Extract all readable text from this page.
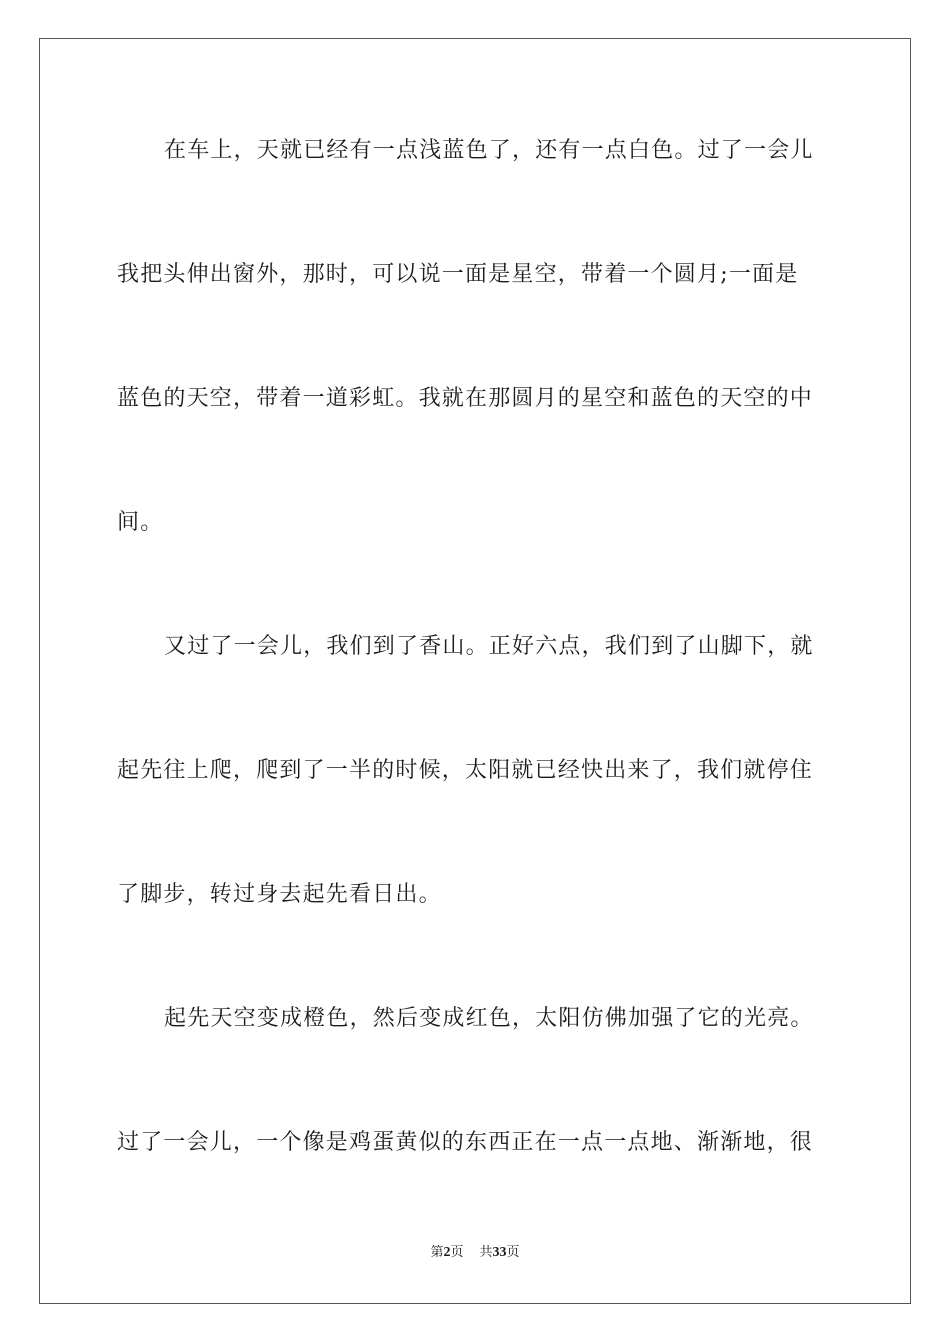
在车上，天就已经有一点浅蓝色了，还有一点白色。过了一会儿
我把头伸出窗外，那时，可以说一面是星空，带着一个圆月;一面是
蓝色的天空，带着一道彩虹。我就在那圆月的星空和蓝色的天空的中
间。
又过了一会儿，我们到了香山。正好六点，我们到了山脚下，就
起先往上爬，爬到了一半的时候，太阳就已经快出来了，我们就停住
了脚步，转过身去起先看日出。
起先天空变成橙色，然后变成红色，太阳仿佛加强了它的光亮。
过了一会儿，一个像是鸡蛋黄似的东西正在一点一点地、渐渐地，很
第2页 共33页
